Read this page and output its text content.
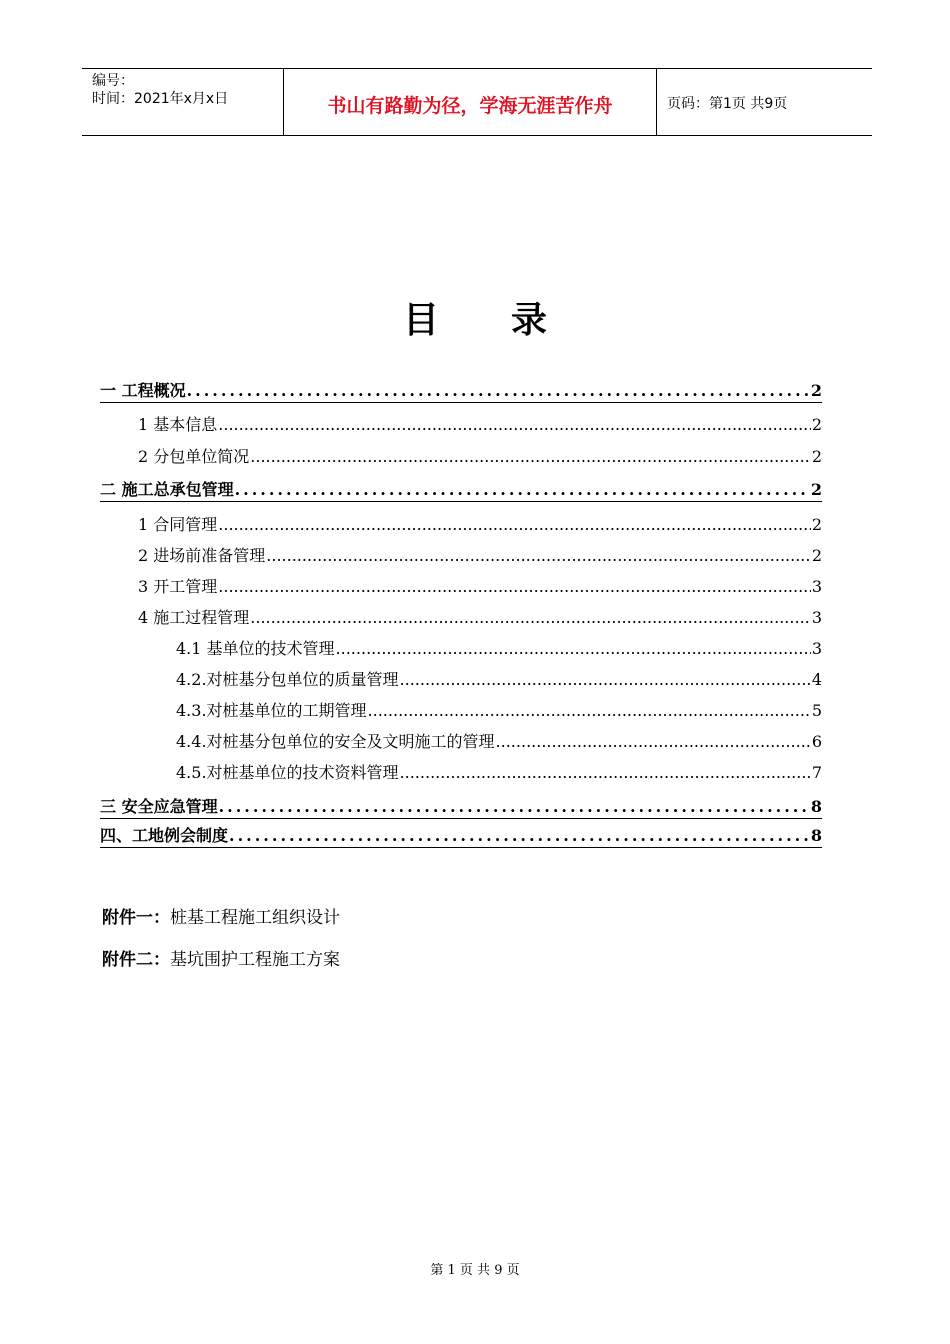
编号：
时间：2021年x月x日	书山有路勤为径，学海无涯苦作舟	页码：第1页 共9页
目录
一 工程概况 .....	2
1 基本信息 .....	2
2 分包单位简况 .....	2
二 施工总承包管理 .....	2
1 合同管理 .....	2
2 进场前准备管理 .....	2
3 开工管理 .....	3
4 施工过程管理 .....	3
4.1 基单位的技术管理 .....	3
4.2.对桩基分包单位的质量管理 .....	4
4.3.对桩基单位的工期管理 .....	5
4.4.对桩基分包单位的安全及文明施工的管理 .....	6
4.5.对桩基单位的技术资料管理 .....	7
三 安全应急管理 .....	8
四、工地例会制度 .....	8
附件一：桩基工程施工组织设计
附件二：基坑围护工程施工方案
第 1 页 共 9 页
